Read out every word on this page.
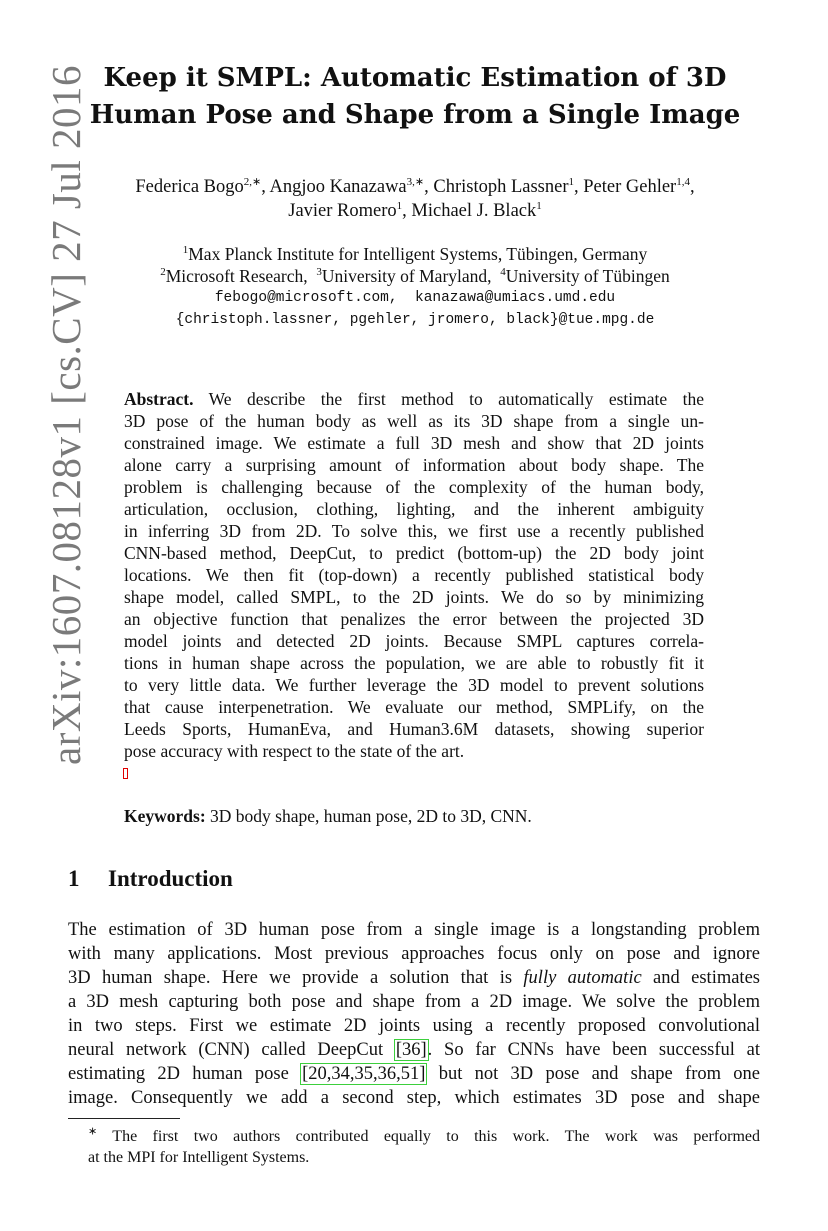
arXiv:1607.08128v1 [cs.CV] 27 Jul 2016 Keep it SMPL: Automatic Estimation of 3D
Human Pose and Shape from a Single Image
Federica Bogo$^{2,∗}$, Angjoo Kanazawa$^{3,∗}$, Christoph Lassner$^1$, Peter Gehler$^{1,4}$,
Javier Romero$^1$, Michael J. Black$^1$
$^1$Max Planck Institute for Intelligent Systems, Tübingen, Germany
$^2$Microsoft Research, $^3$University of Maryland, $^4$University of Tübingen
febogo@microsoft.com,  kanazawa@umiacs.umd.edu
{christoph.lassner, pgehler, jromero, black}@tue.mpg.de
Abstract. We describe the first method to automatically estimate the
3D pose of the human body as well as its 3D shape from a single un-
constrained image. We estimate a full 3D mesh and show that 2D joints
alone carry a surprising amount of information about body shape. The
problem is challenging because of the complexity of the human body,
articulation, occlusion, clothing, lighting, and the inherent ambiguity
in inferring 3D from 2D. To solve this, we first use a recently published
CNN-based method, DeepCut, to predict (bottom-up) the 2D body joint
locations. We then fit (top-down) a recently published statistical body
shape model, called SMPL, to the 2D joints. We do so by minimizing
an objective function that penalizes the error between the projected 3D
model joints and detected 2D joints. Because SMPL captures correla-
tions in human shape across the population, we are able to robustly fit it
to very little data. We further leverage the 3D model to prevent solutions
that cause interpenetration. We evaluate our method, SMPLify, on the
Leeds Sports, HumanEva, and Human3.6M datasets, showing superior
pose accuracy with respect to the state of the art.
Keywords: 3D body shape, human pose, 2D to 3D, CNN.
1 Introduction
The estimation of 3D human pose from a single image is a longstanding problem
with many applications. Most previous approaches focus only on pose and ignore
3D human shape. Here we provide a solution that is fully automatic and estimates
a 3D mesh capturing both pose and shape from a 2D image. We solve the problem
in two steps. First we estimate 2D joints using a recently proposed convolutional
neural network (CNN) called DeepCut [36]. So far CNNs have been successful at
estimating 2D human pose [20,34,35,36,51] but not 3D pose and shape from one
image. Consequently we add a second step, which estimates 3D pose and shape
∗ The first two authors contributed equally to this work. The work was performed
at the MPI for Intelligent Systems.
